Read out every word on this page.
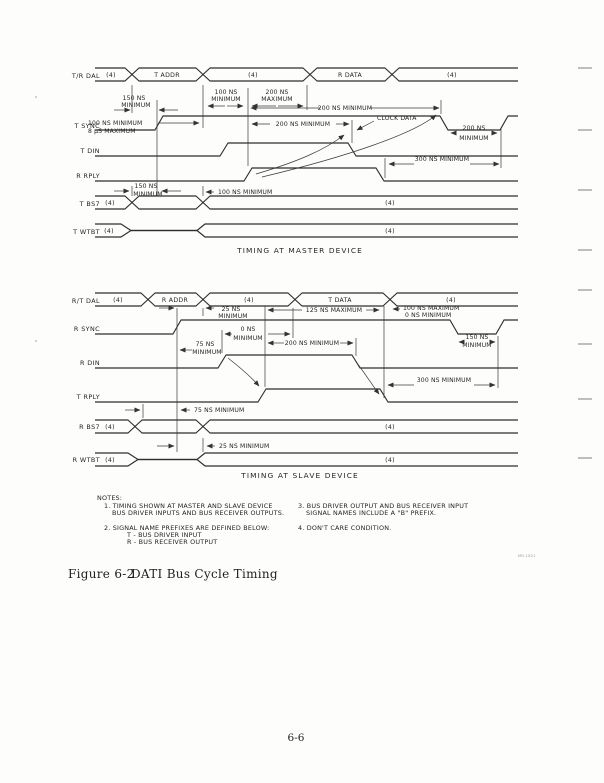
T/R DAL
T SYNC
T DIN
R RPLY
T BS7
T WTBT
(4)	T ADDR	(4)	R DATA	(4)
(4)	(4)
(4)	(4)
150 NS
MINIMUM
100 NS
MINIMUM
200 NS
MAXIMUM
100 NS MINIMUM
8 μS MAXIMUM
200 NS MINIMUM
200 NS MINIMUM
CLOCK DATA
200 NS
MINIMUM
300 NS MINIMUM
150 NS
MINIMUM	100 NS MINIMUM
TIMING AT MASTER DEVICE
R/T DAL
R SYNC
R DIN
T RPLY
R BS7
R WTBT
(4)	R ADDR	(4)	T DATA	(4)
(4)	(4)
(4)	(4)
25 NS
MINIMUM
0 NS
MINIMUM
75 NS
MINIMUM
125 NS MAXIMUM	100 NS MAXIMUM
0 NS MINIMUM
200 NS MINIMUM
150 NS
MINIMUM
300 NS MINIMUM
75 NS MINIMUM
25 NS MINIMUM
TIMING AT SLAVE DEVICE
NOTES:
1. TIMING SHOWN AT MASTER AND SLAVE DEVICE
BUS DRIVER INPUTS AND BUS RECEIVER OUTPUTS.
2. SIGNAL NAME PREFIXES ARE DEFINED BELOW:
T - BUS DRIVER INPUT
R - BUS RECEIVER OUTPUT
3. BUS DRIVER OUTPUT AND BUS RECEIVER INPUT
SIGNAL NAMES INCLUDE A "B" PREFIX.
4. DON'T CARE CONDITION.
MR-1821
Figure 6-2
DATI Bus Cycle Timing
6-6
